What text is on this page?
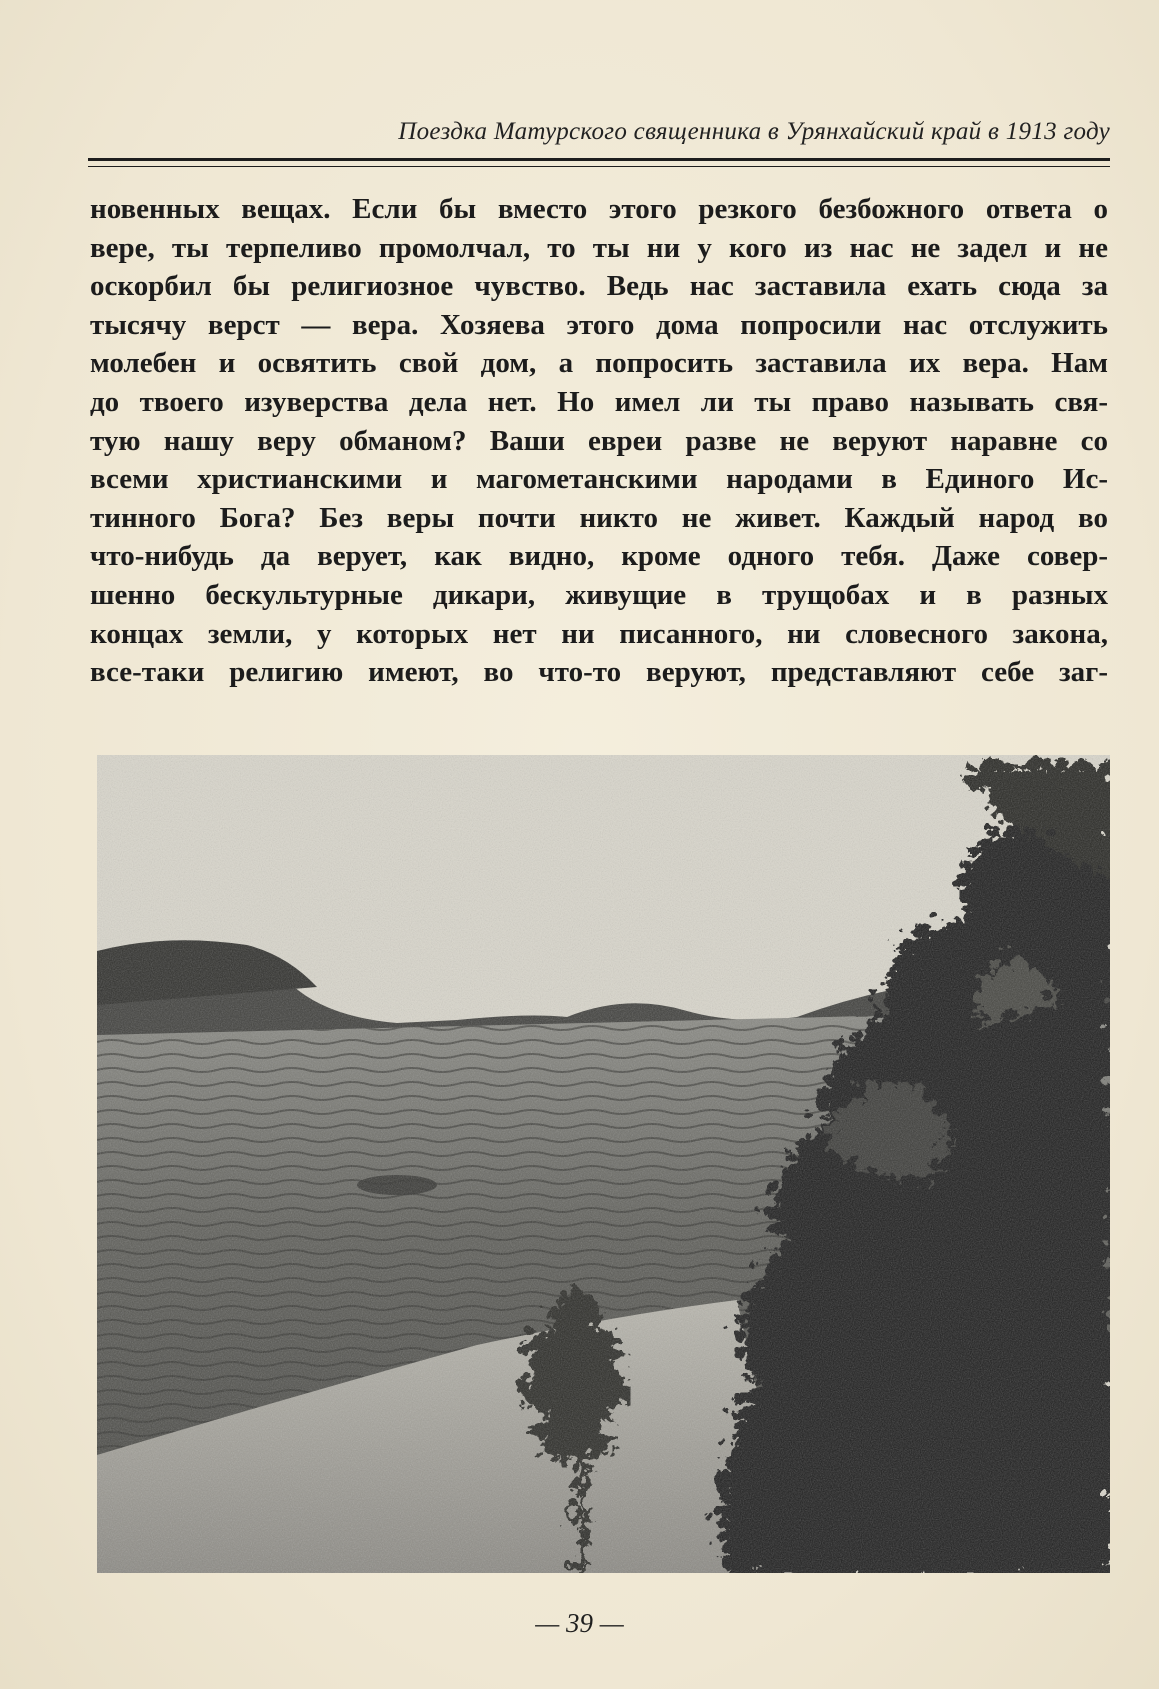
Поездка Матурского священника в Урянхайский край в 1913 году
новенных вещах. Если бы вместо этого резкого безбожного ответа о
вере, ты терпеливо промолчал, то ты ни у кого из нас не задел и не
оскорбил бы религиозное чувство. Ведь нас заставила ехать сюда за
тысячу верст — вера. Хозяева этого дома попросили нас отслужить
молебен и освятить свой дом, а попросить заставила их вера. Нам
до твоего изуверства дела нет. Но имел ли ты право называть свя-
тую нашу веру обманом? Ваши евреи разве не веруют наравне со
всеми христианскими и магометанскими народами в Единого Ис-
тинного Бога? Без веры почти никто не живет. Каждый народ во
что-нибудь да верует, как видно, кроме одного тебя. Даже совер-
шенно бескультурные дикари, живущие в трущобах и в разных
концах земли, у которых нет ни писанного, ни словесного закона,
все-таки религию имеют, во что-то веруют, представляют себе заг-
— 39 —
